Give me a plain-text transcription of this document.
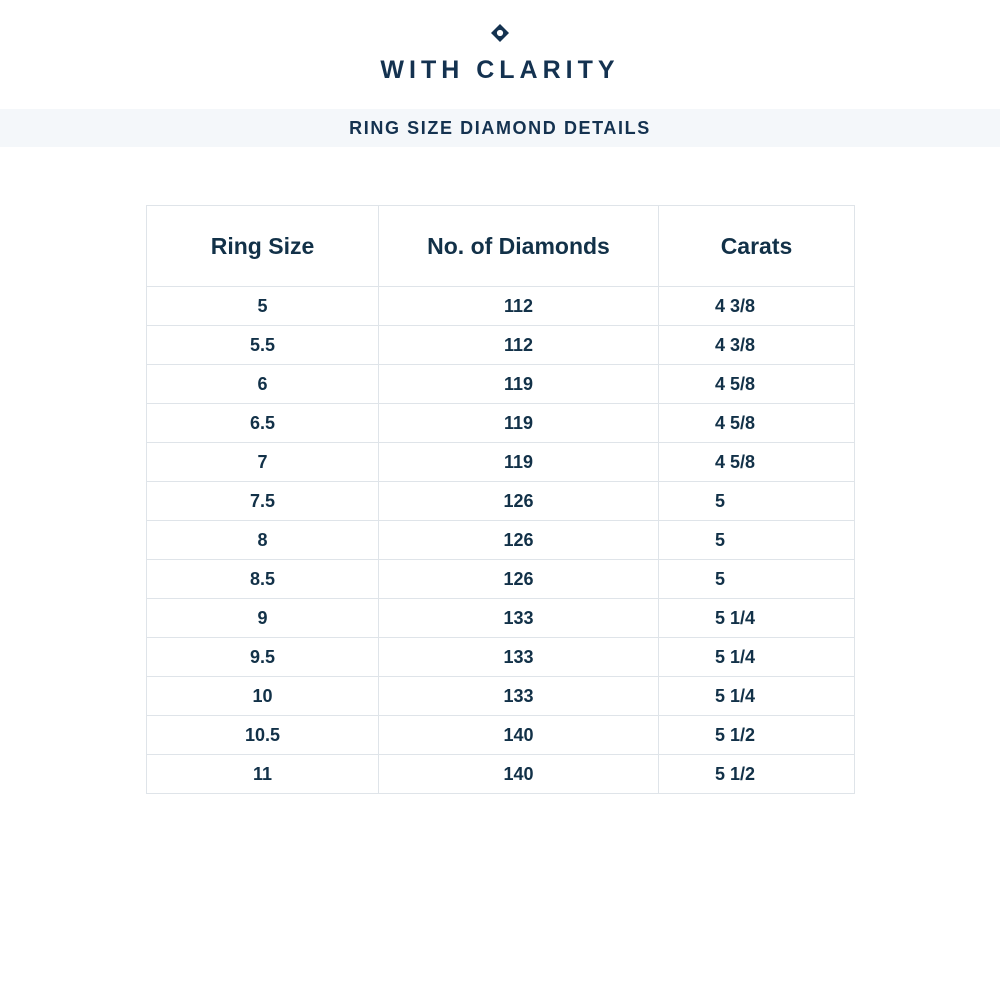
WITH CLARITY
RING SIZE DIAMOND DETAILS
Ring Size	No. of Diamonds	Carats
5	112	4 3/8
5.5	112	4 3/8
6	119	4 5/8
6.5	119	4 5/8
7	119	4 5/8
7.5	126	5
8	126	5
8.5	126	5
9	133	5 1/4
9.5	133	5 1/4
10	133	5 1/4
10.5	140	5 1/2
11	140	5 1/2
